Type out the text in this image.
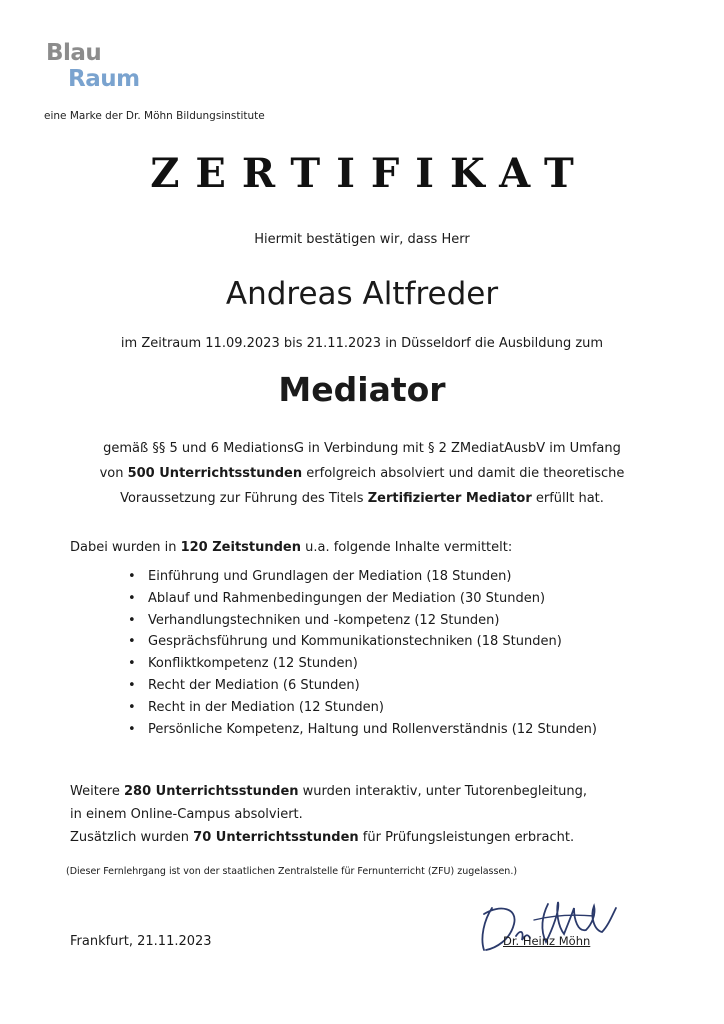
Blau
Raum
eine Marke der Dr. Möhn Bildungsinstitute
ZERTIFIKAT
Hiermit bestätigen wir, dass Herr
Andreas Altfreder
im Zeitraum 11.09.2023 bis 21.11.2023 in Düsseldorf die Ausbildung zum
Mediator

gemäß §§ 5 und 6 MediationsG in Verbindung mit § 2 ZMediatAusbV im Umfang

von 500 Unterrichtsstunden erfolgreich absolviert und damit die theoretische

Voraussetzung zur Führung des Titels Zertifizierter Mediator erfüllt hat.

Dabei wurden in 120 Zeitstunden u.a. folgende Inhalte vermittelt:
• Einführung und Grundlagen der Mediation (18 Stunden)
• Ablauf und Rahmenbedingungen der Mediation (30 Stunden)
• Verhandlungstechniken und -kompetenz (12 Stunden)
• Gesprächsführung und Kommunikationstechniken (18 Stunden)
• Konfliktkompetenz (12 Stunden)
• Recht der Mediation (6 Stunden)
• Recht in der Mediation (12 Stunden)
• Persönliche Kompetenz, Haltung und Rollenverständnis (12 Stunden)

Weitere 280 Unterrichtsstunden wurden interaktiv, unter Tutorenbegleitung,

in einem Online-Campus absolviert.

Zusätzlich wurden 70 Unterrichtsstunden für Prüfungsleistungen erbracht.

(Dieser Fernlehrgang ist von der staatlichen Zentralstelle für Fernunterricht (ZFU) zugelassen.)
Frankfurt, 21.11.2023	Dr. Heinz Möhn
